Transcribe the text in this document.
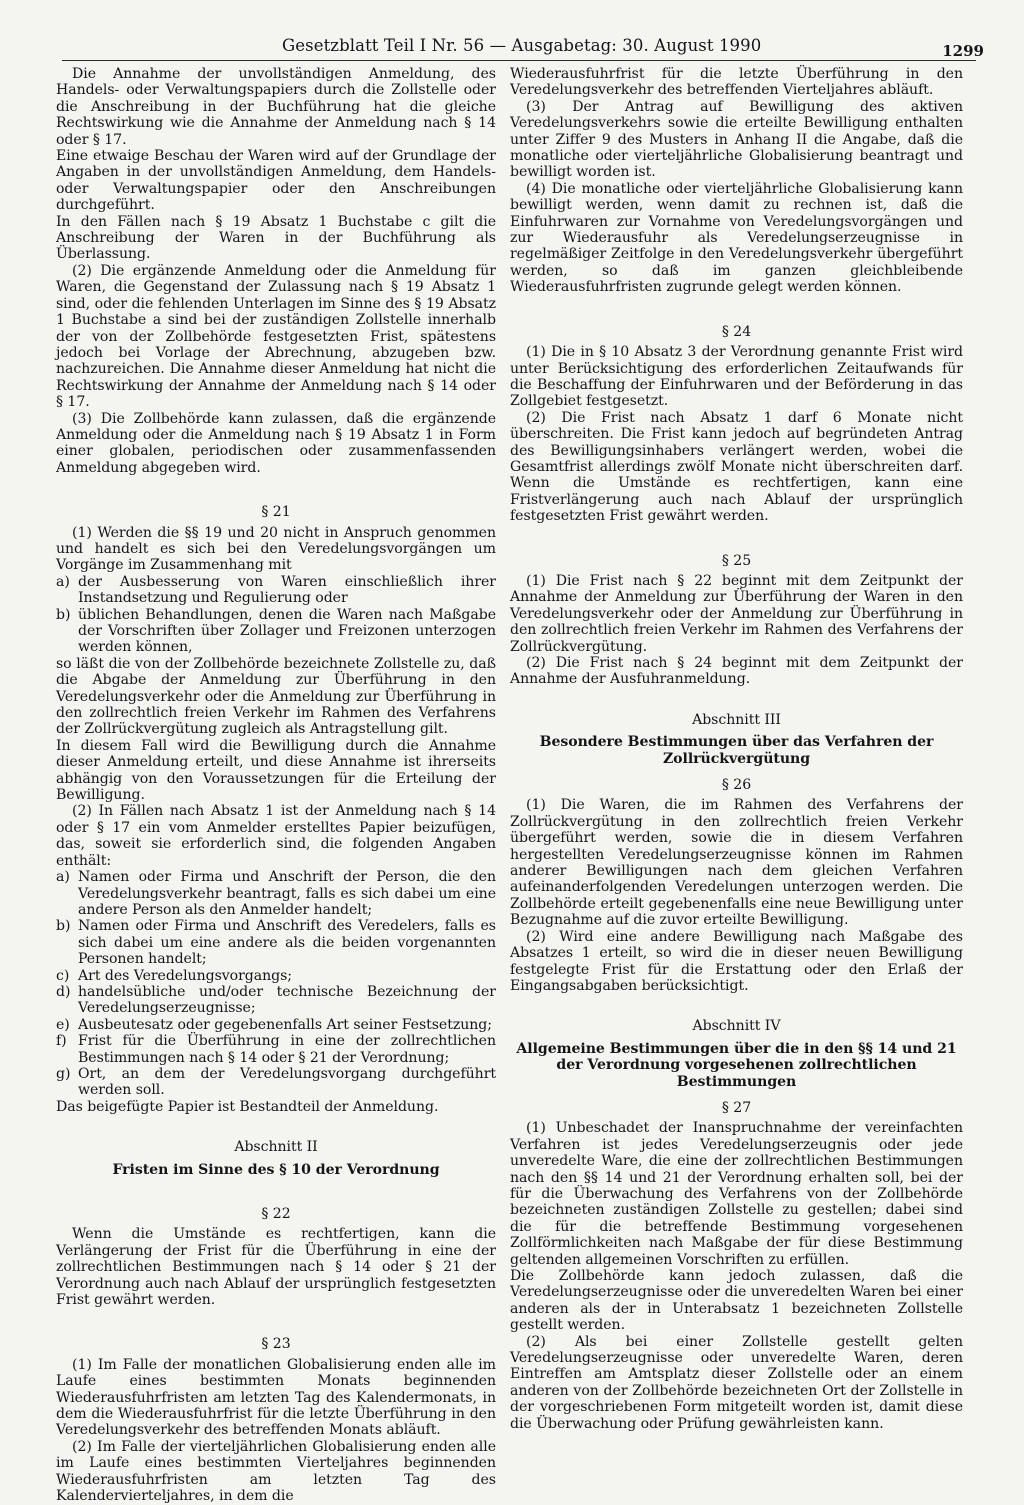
Gesetzblatt Teil I Nr. 56 — Ausgabetag: 30. August 1990	1299

Die Annahme der unvollständigen Anmeldung, des Handels- oder Verwaltungspapiers durch die Zollstelle oder die Anschreibung in der Buchführung hat die gleiche Rechtswirkung wie die Annahme der Anmeldung nach § 14 oder § 17.

Eine etwaige Beschau der Waren wird auf der Grundlage der Angaben in der unvollständigen Anmeldung, dem Handels- oder Verwaltungspapier oder den Anschreibungen durchgeführt.

In den Fällen nach § 19 Absatz 1 Buchstabe c gilt die Anschreibung der Waren in der Buchführung als Überlassung.

(2) Die ergänzende Anmeldung oder die Anmeldung für Waren, die Gegenstand der Zulassung nach § 19 Absatz 1 sind, oder die fehlenden Unterlagen im Sinne des § 19 Absatz 1 Buchstabe a sind bei der zuständigen Zollstelle innerhalb der von der Zollbehörde festgesetzten Frist, spätestens jedoch bei Vorlage der Abrechnung, abzugeben bzw. nachzureichen. Die Annahme dieser Anmeldung hat nicht die Rechtswirkung der Annahme der Anmeldung nach § 14 oder § 17.

(3) Die Zollbehörde kann zulassen, daß die ergänzende Anmeldung oder die Anmeldung nach § 19 Absatz 1 in Form einer globalen, periodischen oder zusammenfassenden Anmeldung abgegeben wird.

§ 21

(1) Werden die §§ 19 und 20 nicht in Anspruch genommen und handelt es sich bei den Veredelungsvorgängen um Vorgänge im Zusammenhang mit

a) der Ausbesserung von Waren einschließlich ihrer Instandsetzung und Regulierung oder
b) üblichen Behandlungen, denen die Waren nach Maßgabe der Vorschriften über Zollager und Freizonen unterzogen werden können,

so läßt die von der Zollbehörde bezeichnete Zollstelle zu, daß die Abgabe der Anmeldung zur Überführung in den Veredelungsverkehr oder die Anmeldung zur Überführung in den zollrechtlich freien Verkehr im Rahmen des Verfahrens der Zollrückvergütung zugleich als Antragstellung gilt.

In diesem Fall wird die Bewilligung durch die Annahme dieser Anmeldung erteilt, und diese Annahme ist ihrerseits abhängig von den Voraussetzungen für die Erteilung der Bewilligung.

(2) In Fällen nach Absatz 1 ist der Anmeldung nach § 14 oder § 17 ein vom Anmelder erstelltes Papier beizufügen, das, soweit sie erforderlich sind, die folgenden Angaben enthält:

a) Namen oder Firma und Anschrift der Person, die den Veredelungsverkehr beantragt, falls es sich dabei um eine andere Person als den Anmelder handelt;
b) Namen oder Firma und Anschrift des Veredelers, falls es sich dabei um eine andere als die beiden vorgenannten Personen handelt;
c) Art des Veredelungsvorgangs;
d) handelsübliche und/oder technische Bezeichnung der Veredelungserzeugnisse;
e) Ausbeutesatz oder gegebenenfalls Art seiner Festsetzung;
f) Frist für die Überführung in eine der zollrechtlichen Bestimmungen nach § 14 oder § 21 der Verordnung;
g) Ort, an dem der Veredelungsvorgang durchgeführt werden soll.

Das beigefügte Papier ist Bestandteil der Anmeldung.

Abschnitt II

Fristen im Sinne des § 10 der Verordnung

§ 22

Wenn die Umstände es rechtfertigen, kann die Verlängerung der Frist für die Überführung in eine der zollrechtlichen Bestimmungen nach § 14 oder § 21 der Verordnung auch nach Ablauf der ursprünglich festgesetzten Frist gewährt werden.

§ 23

(1) Im Falle der monatlichen Globalisierung enden alle im Laufe eines bestimmten Monats beginnenden Wiederausfuhrfristen am letzten Tag des Kalendermonats, in dem die Wiederausfuhrfrist für die letzte Überführung in den Veredelungsverkehr des betreffenden Monats abläuft.

(2) Im Falle der vierteljährlichen Globalisierung enden alle im Laufe eines bestimmten Vierteljahres beginnenden Wiederausfuhrfristen am letzten Tag des Kalendervierteljahres, in dem die

Wiederausfuhrfrist für die letzte Überführung in den Veredelungsverkehr des betreffenden Vierteljahres abläuft.

(3) Der Antrag auf Bewilligung des aktiven Veredelungsverkehrs sowie die erteilte Bewilligung enthalten unter Ziffer 9 des Musters in Anhang II die Angabe, daß die monatliche oder vierteljährliche Globalisierung beantragt und bewilligt worden ist.

(4) Die monatliche oder vierteljährliche Globalisierung kann bewilligt werden, wenn damit zu rechnen ist, daß die Einfuhrwaren zur Vornahme von Veredelungsvorgängen und zur Wiederausfuhr als Veredelungserzeugnisse in regelmäßiger Zeitfolge in den Veredelungsverkehr übergeführt werden, so daß im ganzen gleichbleibende Wiederausfuhrfristen zugrunde gelegt werden können.

§ 24

(1) Die in § 10 Absatz 3 der Verordnung genannte Frist wird unter Berücksichtigung des erforderlichen Zeitaufwands für die Beschaffung der Einfuhrwaren und der Beförderung in das Zollgebiet festgesetzt.

(2) Die Frist nach Absatz 1 darf 6 Monate nicht überschreiten. Die Frist kann jedoch auf begründeten Antrag des Bewilligungsinhabers verlängert werden, wobei die Gesamtfrist allerdings zwölf Monate nicht überschreiten darf. Wenn die Umstände es rechtfertigen, kann eine Fristverlängerung auch nach Ablauf der ursprünglich festgesetzten Frist gewährt werden.

§ 25

(1) Die Frist nach § 22 beginnt mit dem Zeitpunkt der Annahme der Anmeldung zur Überführung der Waren in den Veredelungsverkehr oder der Anmeldung zur Überführung in den zollrechtlich freien Verkehr im Rahmen des Verfahrens der Zollrückvergütung.

(2) Die Frist nach § 24 beginnt mit dem Zeitpunkt der Annahme der Ausfuhranmeldung.

Abschnitt III

Besondere Bestimmungen über das Verfahren der Zollrückvergütung

§ 26

(1) Die Waren, die im Rahmen des Verfahrens der Zollrückvergütung in den zollrechtlich freien Verkehr übergeführt werden, sowie die in diesem Verfahren hergestellten Veredelungserzeugnisse können im Rahmen anderer Bewilligungen nach dem gleichen Verfahren aufeinanderfolgenden Veredelungen unterzogen werden. Die Zollbehörde erteilt gegebenenfalls eine neue Bewilligung unter Bezugnahme auf die zuvor erteilte Bewilligung.

(2) Wird eine andere Bewilligung nach Maßgabe des Absatzes 1 erteilt, so wird die in dieser neuen Bewilligung festgelegte Frist für die Erstattung oder den Erlaß der Eingangsabgaben berücksichtigt.

Abschnitt IV

Allgemeine Bestimmungen über die in den §§ 14 und 21 der Verordnung vorgesehenen zollrechtlichen Bestimmungen

§ 27

(1) Unbeschadet der Inanspruchnahme der vereinfachten Verfahren ist jedes Veredelungserzeugnis oder jede unveredelte Ware, die eine der zollrechtlichen Bestimmungen nach den §§ 14 und 21 der Verordnung erhalten soll, bei der für die Überwachung des Verfahrens von der Zollbehörde bezeichneten zuständigen Zollstelle zu gestellen; dabei sind die für die betreffende Bestimmung vorgesehenen Zollförmlichkeiten nach Maßgabe der für diese Bestimmung geltenden allgemeinen Vorschriften zu erfüllen.

Die Zollbehörde kann jedoch zulassen, daß die Veredelungserzeugnisse oder die unveredelten Waren bei einer anderen als der in Unterabsatz 1 bezeichneten Zollstelle gestellt werden.

(2) Als bei einer Zollstelle gestellt gelten Veredelungserzeugnisse oder unveredelte Waren, deren Eintreffen am Amtsplatz dieser Zollstelle oder an einem anderen von der Zollbehörde bezeichneten Ort der Zollstelle in der vorgeschriebenen Form mitgeteilt worden ist, damit diese die Überwachung oder Prüfung gewährleisten kann.
